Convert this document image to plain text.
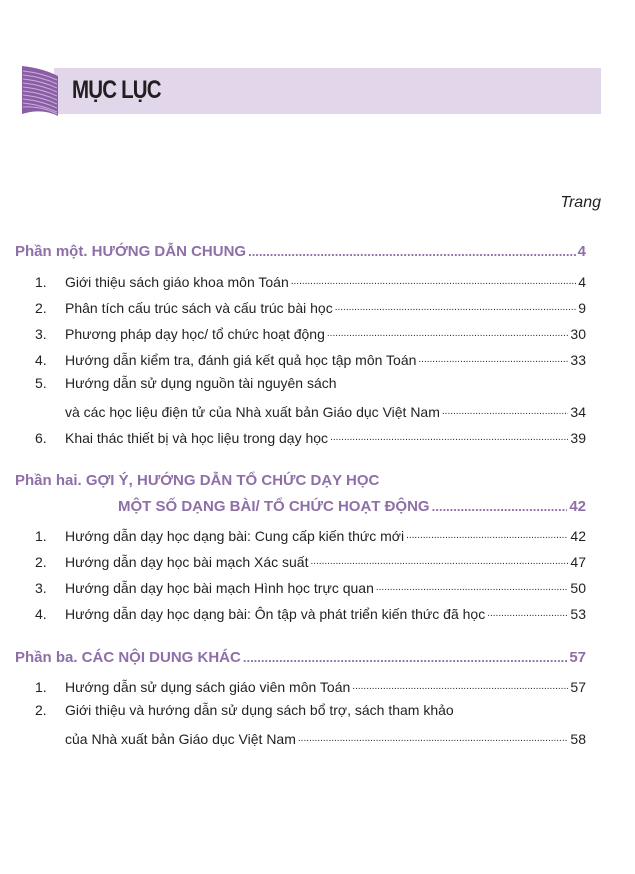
MỤC LỤC
Trang
Phần một. HƯỚNG DẪN CHUNG .....	4
1.	Giới thiệu sách giáo khoa môn Toán .....	4
2.	Phân tích cấu trúc sách và cấu trúc bài học .....	9
3.	Phương pháp dạy học/ tổ chức hoạt động .....	30
4.	Hướng dẫn kiểm tra, đánh giá kết quả học tập môn Toán .....	33
5.	Hướng dẫn sử dụng nguồn tài nguyên sách
và các học liệu điện tử của Nhà xuất bản Giáo dục Việt Nam .....	34
6.	Khai thác thiết bị và học liệu trong dạy học .....	39
Phần hai. GỢI Ý, HƯỚNG DẪN TỔ CHỨC DẠY HỌC
MỘT SỐ DẠNG BÀI/ TỔ CHỨC HOẠT ĐỘNG .....	42
1.	Hướng dẫn dạy học dạng bài: Cung cấp kiến thức mới .....	42
2.	Hướng dẫn dạy học bài mạch Xác suất .....	47
3.	Hướng dẫn dạy học bài mạch Hình học trực quan .....	50
4.	Hướng dẫn dạy học dạng bài: Ôn tập và phát triển kiến thức đã học .....	53
Phần ba. CÁC NỘI DUNG KHÁC .....	57
1.	Hướng dẫn sử dụng sách giáo viên môn Toán .....	57
2.	Giới thiệu và hướng dẫn sử dụng sách bổ trợ, sách tham khảo
của Nhà xuất bản Giáo dục Việt Nam .....	58
